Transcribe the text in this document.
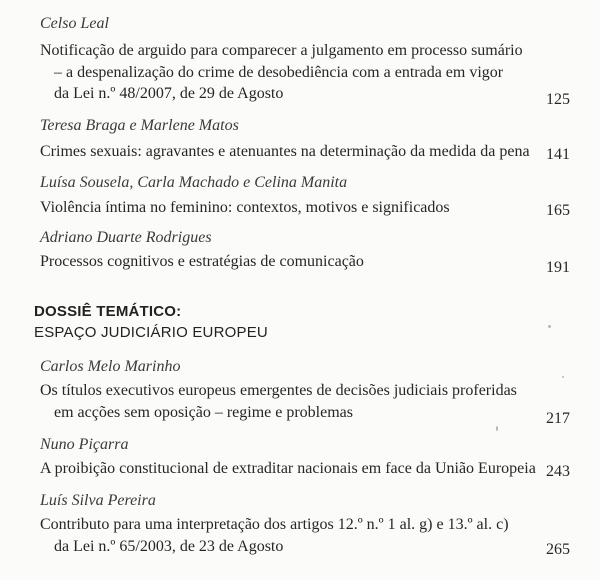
Celso Leal
Notificação de arguido para comparecer a julgamento em processo sumário
– a despenalização do crime de desobediência com a entrada em vigor
da Lei n.º 48/2007, de 29 de Agosto	125
Teresa Braga e Marlene Matos
Crimes sexuais: agravantes e atenuantes na determinação da medida da pena 141
Luísa Sousela, Carla Machado e Celina Manita
Violência íntima no feminino: contextos, motivos e significados	165
Adriano Duarte Rodrigues
Processos cognitivos e estratégias de comunicação	191
DOSSIÊ TEMÁTICO:
ESPAÇO JUDICIÁRIO EUROPEU
Carlos Melo Marinho
Os títulos executivos europeus emergentes de decisões judiciais proferidas
em acções sem oposição – regime e problemas	217
Nuno Piçarra
A proibição constitucional de extraditar nacionais em face da União Europeia 243
Luís Silva Pereira
Contributo para uma interpretação dos artigos 12.º n.º 1 al. g) e 13.º al. c)
da Lei n.º 65/2003, de 23 de Agosto	265
